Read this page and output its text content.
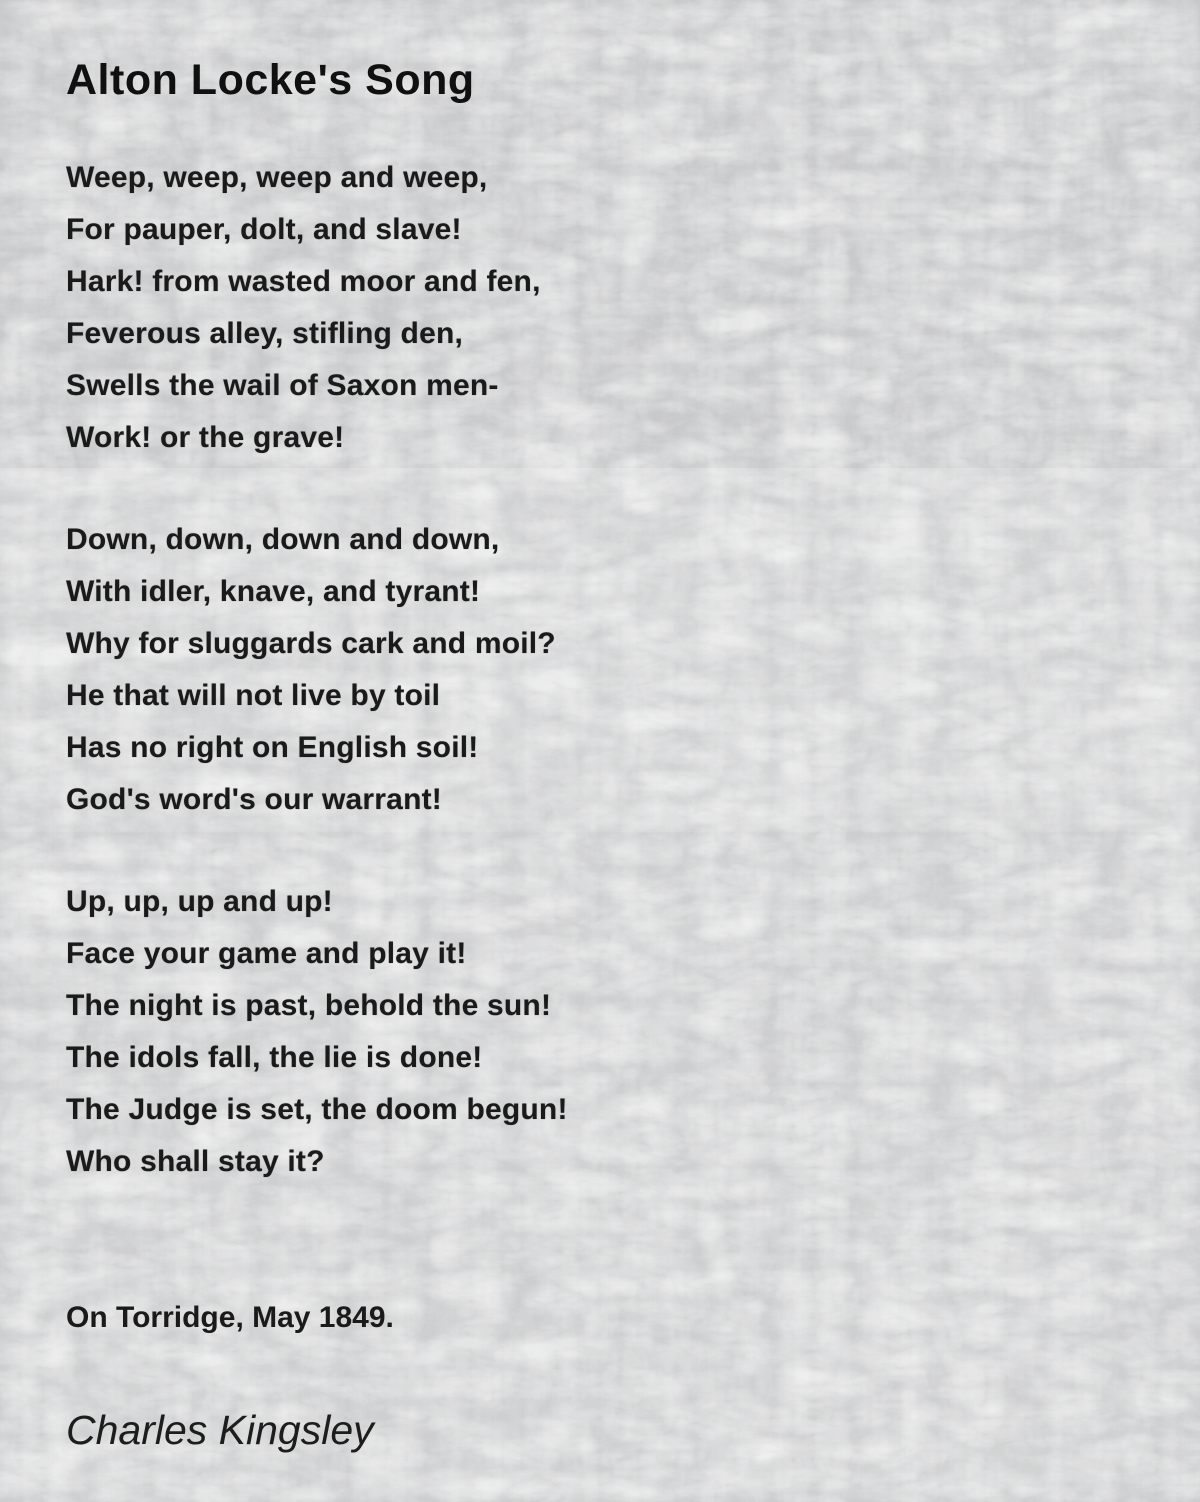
Alton Locke's Song

Weep, weep, weep and weep,

For pauper, dolt, and slave!

Hark! from wasted moor and fen,

Feverous alley, stifling den,

Swells the wail of Saxon men-

Work! or the grave!

Down, down, down and down,

With idler, knave, and tyrant!

Why for sluggards cark and moil?

He that will not live by toil

Has no right on English soil!

God's word's our warrant!

Up, up, up and up!

Face your game and play it!

The night is past, behold the sun!

The idols fall, the lie is done!

The Judge is set, the doom begun!

Who shall stay it?

On Torridge, May 1849.

Charles Kingsley
